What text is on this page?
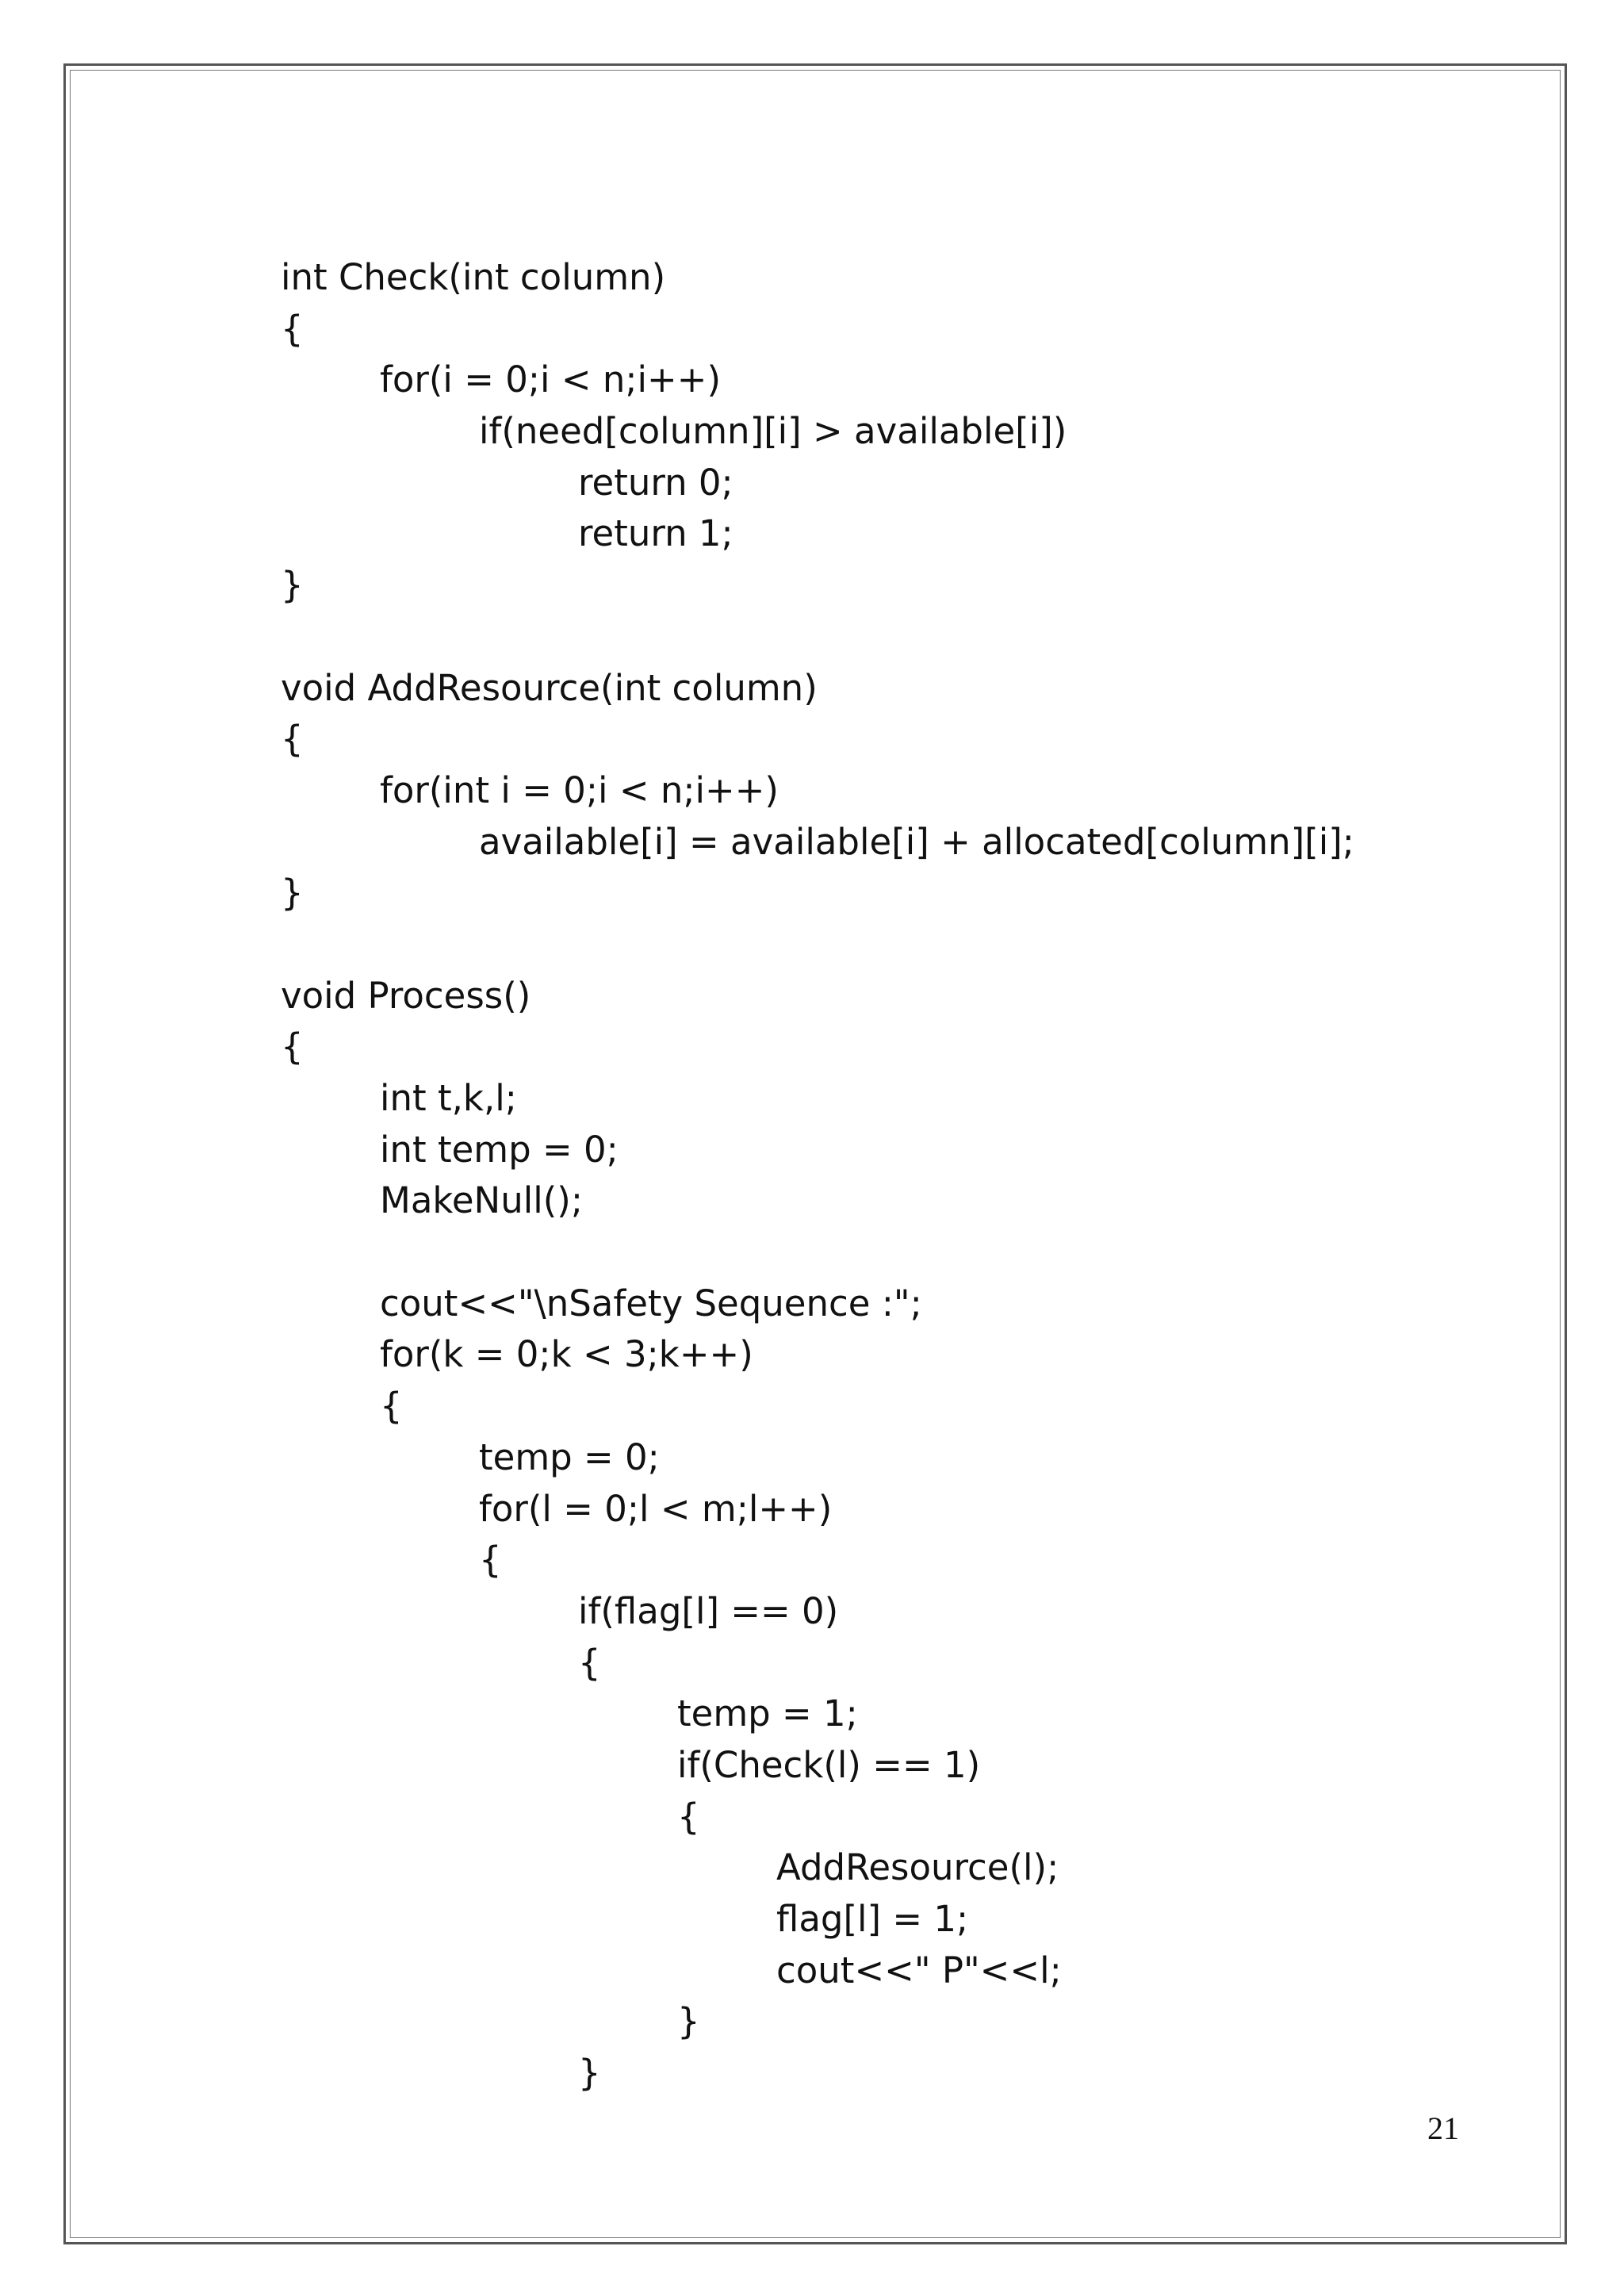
int Check(int column)
{
for(i = 0;i < n;i++)
if(need[column][i] > available[i])
return 0;
return 1;
}
void AddResource(int column)
{
for(int i = 0;i < n;i++)
available[i] = available[i] + allocated[column][i];
}
void Process()
{
int t,k,l;
int temp = 0;
MakeNull();
cout<<"\nSafety Sequence :";
for(k = 0;k < 3;k++)
{
temp = 0;
for(l = 0;l < m;l++)
{
if(flag[l] == 0)
{
temp = 1;
if(Check(l) == 1)
{
AddResource(l);
flag[l] = 1;
cout<<" P"<<l;
}
}
21
